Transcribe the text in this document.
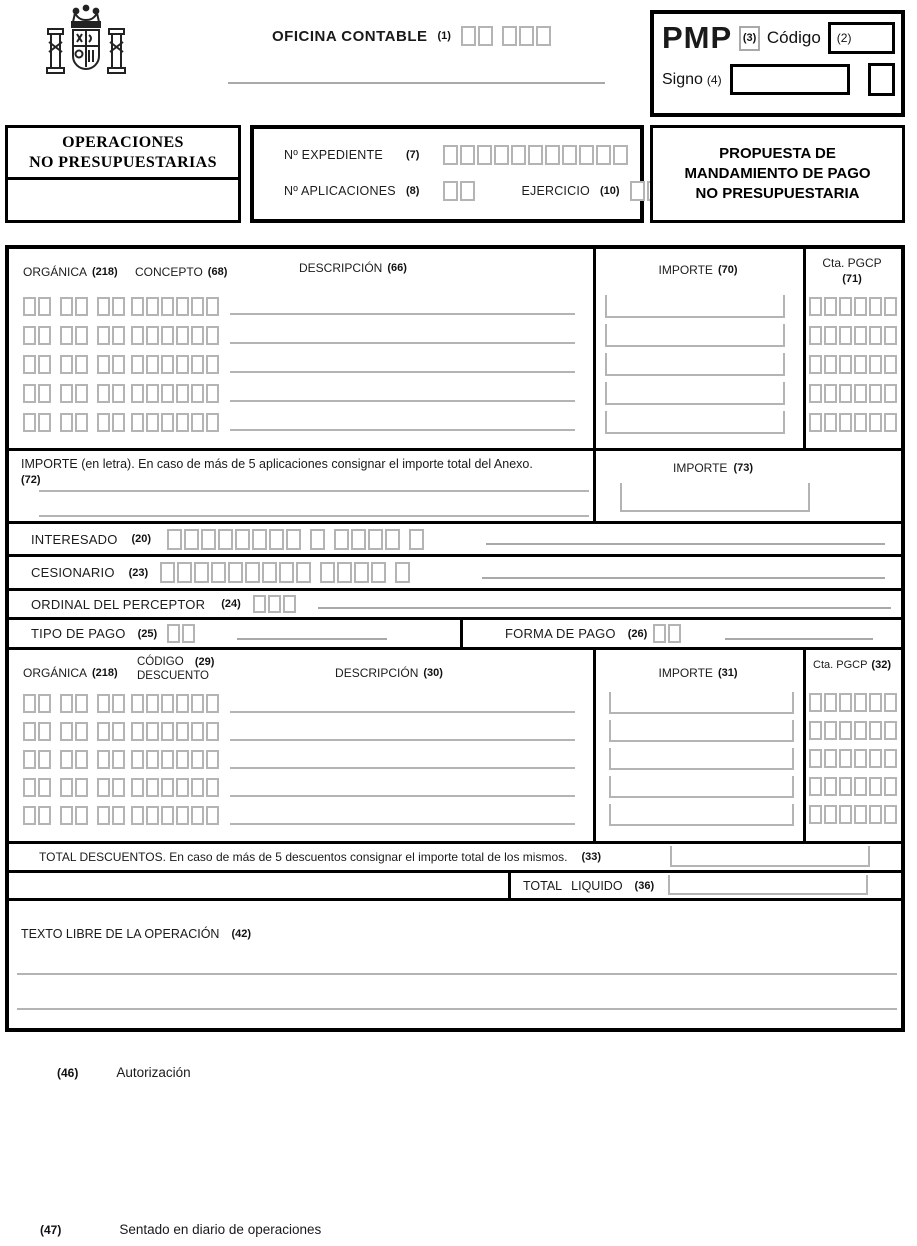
OFICINA CONTABLE (1)	PMP (3) Código (2)
Signo (4)
OPERACIONES
NO PRESUPUESTARIAS	Nº EXPEDIENTE	(7)
Nº APLICACIONES (8)	EJERCICIO (10)
PROPUESTA DE
MANDAMIENTO DE PAGO
NO PRESUPUESTARIA
ORGÁNICA (218) CONCEPTO (68)	DESCRIPCIÓN (66)	IMPORTE (70)	Cta. PGCP
(71)
IMPORTE (en letra). En caso de más de 5 aplicaciones consignar el importe total del Anexo.
(72)
IMPORTE (73)
INTERESADO (20)
CESIONARIO (23)
ORDINAL DEL PERCEPTOR (24)
TIPO DE PAGO (25)	FORMA DE PAGO (26)
ORGÁNICA (218)
CÓDIGO (29)
DESCUENTO	DESCRIPCIÓN (30)	IMPORTE (31)
Cta. PGCP (32)
TOTAL DESCUENTOS. En caso de más de 5 descuentos consignar el importe total de los mismos. (33)
TOTAL LIQUIDO (36)
TEXTO LIBRE DE LA OPERACIÓN (42)
(46)	Autorización
(47)	Sentado en diario de operaciones
